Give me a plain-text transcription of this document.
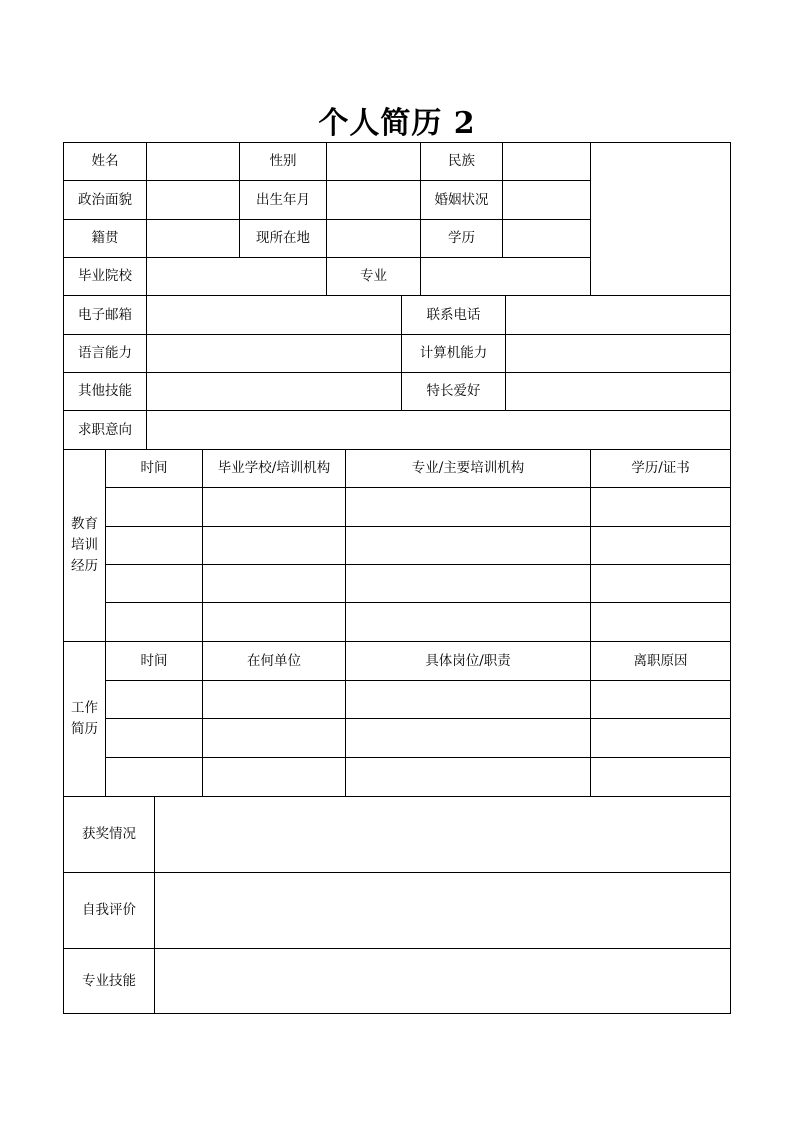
个人简历 2
姓名	性别	民族
政治面貌	出生年月	婚姻状况
籍贯	现所在地	学历
毕业院校	专业
电子邮箱	联系电话
语言能力	计算机能力
其他技能	特长爱好
求职意向
教育
培训
经历
时间	毕业学校/培训机构	专业/主要培训机构	学历/证书
工作
简历
时间	在何单位	具体岗位/职责	离职原因
获奖情况
自我评价
专业技能
